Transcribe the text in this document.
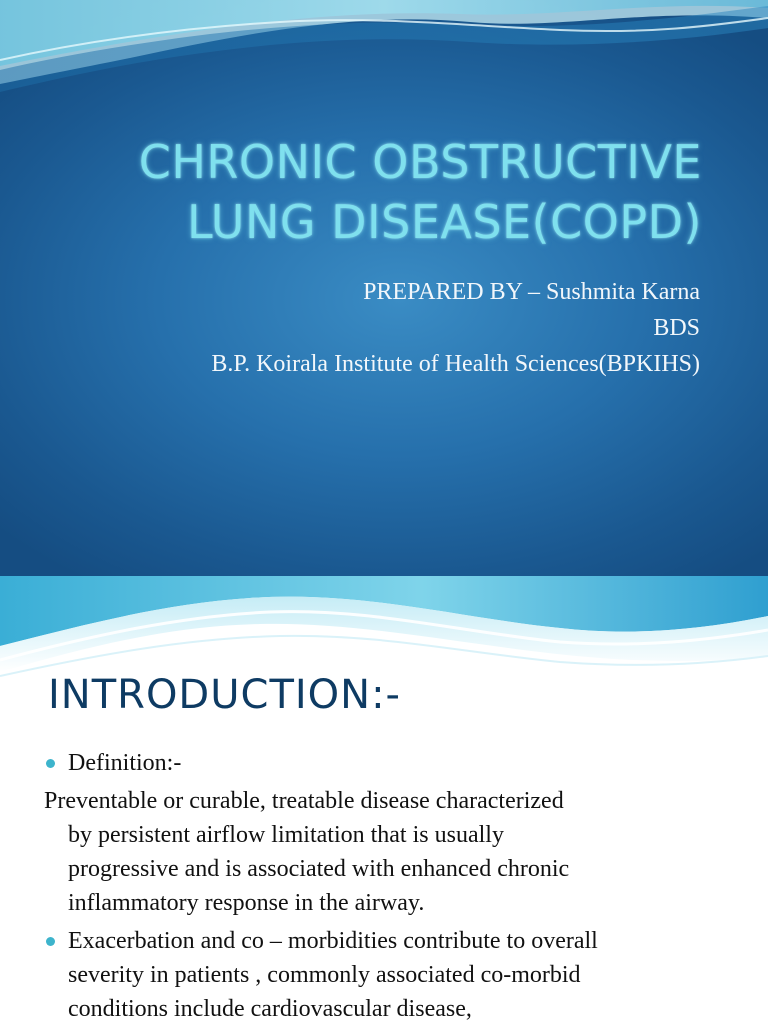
CHRONIC OBSTRUCTIVE
LUNG DISEASE(COPD)
PREPARED BY – Sushmita Karna
BDS
B.P. Koirala Institute of Health Sciences(BPKIHS)
INTRODUCTION:-
Definition:-
Preventable or curable, treatable disease characterized
by persistent airflow limitation that is usually
progressive and is associated with enhanced chronic
inflammatory response in the airway.
Exacerbation and co – morbidities contribute to overall
severity in patients , commonly associated co-morbid
conditions include cardiovascular disease,
